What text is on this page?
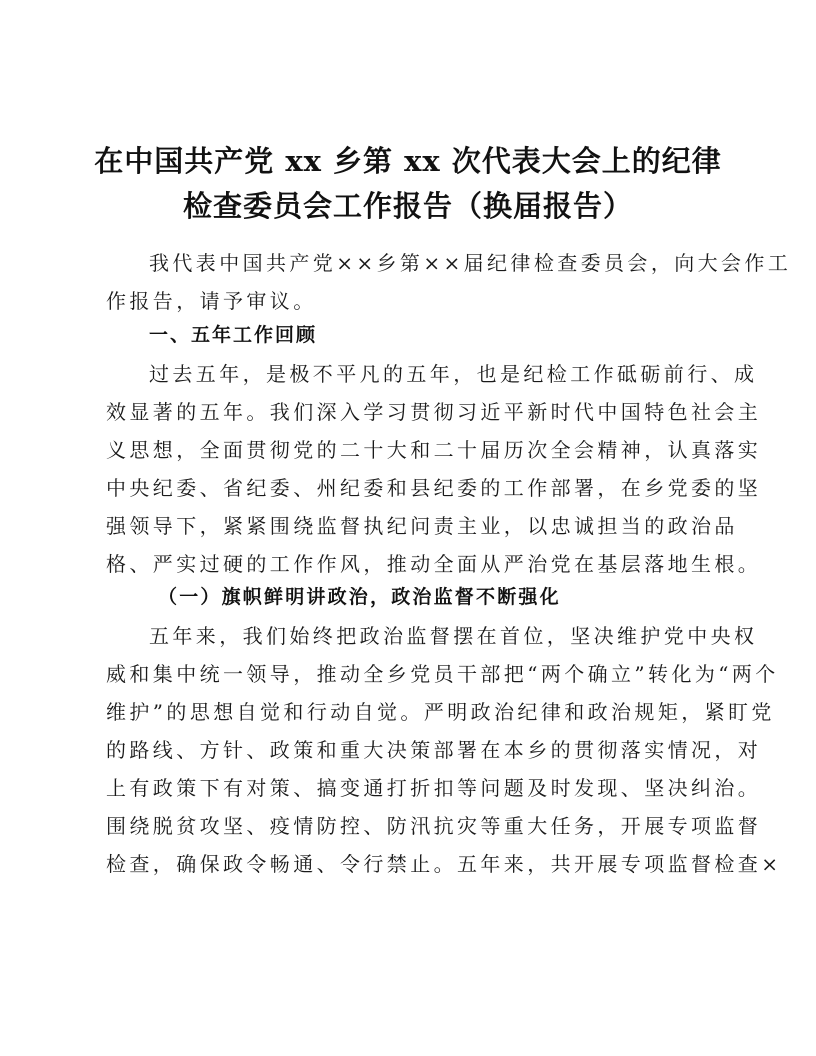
在中国共产党 xx 乡第 xx 次代表大会上的纪律
检查委员会工作报告（换届报告）
我代表中国共产党××乡第××届纪律检查委员会，向大会作工
作报告，请予审议。
一、五年工作回顾
过去五年，是极不平凡的五年，也是纪检工作砥砺前行、成
效显著的五年。我们深入学习贯彻习近平新时代中国特色社会主
义思想，全面贯彻党的二十大和二十届历次全会精神，认真落实
中央纪委、省纪委、州纪委和县纪委的工作部署，在乡党委的坚
强领导下，紧紧围绕监督执纪问责主业，以忠诚担当的政治品
格、严实过硬的工作作风，推动全面从严治党在基层落地生根。
（一）旗帜鲜明讲政治，政治监督不断强化
五年来，我们始终把政治监督摆在首位，坚决维护党中央权
威和集中统一领导，推动全乡党员干部把“两个确立”转化为“两个
维护”的思想自觉和行动自觉。严明政治纪律和政治规矩，紧盯党
的路线、方针、政策和重大决策部署在本乡的贯彻落实情况，对
上有政策下有对策、搞变通打折扣等问题及时发现、坚决纠治。
围绕脱贫攻坚、疫情防控、防汛抗灾等重大任务，开展专项监督
检查，确保政令畅通、令行禁止。五年来，共开展专项监督检查×
